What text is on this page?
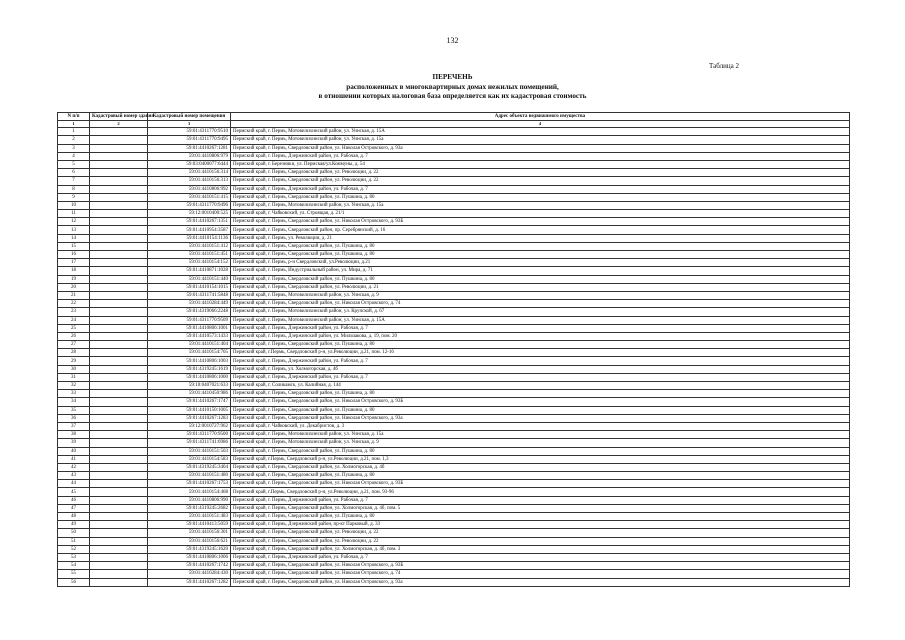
132
Таблица 2
ПЕРЕЧЕНЬ
расположенных в многоквартирных домах нежилых помещений,
в отношении которых налоговая база определяется как их кадастровая стоимость
N п/п	Кадастровый номер здания	Кадастровый номер помещения	Адрес объекта недвижимого имущества
1	2	3	4
1		59:01:4311770:9510	Пермский край, г. Пермь, Мотовилихинский район, ул. Уинская, д. 15А
2		59:01:4311770:9495	Пермский край, г. Пермь, Мотовилихинский район, ул. Уинская, д. 15а
3		59:01:4410267:1281	Пермский край, г. Пермь, Свердловский район, ул. Николая Островского, д. 93а
4		59:01:4410806:979	Пермский край, г. Пермь, Дзержинский район, ул. Рабочая, д. 7
5		59:03:0400077:6444	Пермский край, г. Березники, ул. Пермская/ул.Коммуны, д. 54
6		59:01:4410156:314	Пермский край, г. Пермь, Свердловский район, ул. Революции, д. 22
7		59:01:4410156:313	Пермский край, г. Пермь, Свердловский район, ул. Революции, д. 22
8		59:01:4410806:992	Пермский край, г. Пермь, Дзержинский район, ул. Рабочая, д. 7
9		59:01:4410151:415	Пермский край, г. Пермь, Свердловский район, ул. Пушкина, д. 80
10		59:01:4311770:9496	Пермский край, г. Пермь, Мотовилихинский район, ул. Уинская, д. 15а
11		59:12:0010400:525	Пермский край, г. Чайковский, ул. Строящая, д. 21/1
12		59:01:4410267:1351	Пермский край, г. Пермь, Свердловский район, ул. Николая Островского, д. 93Б
13		59:01:4410954:3587	Пермский край, г. Пермь, Свердловский район, пр. Серебрянский, д. 16
14		59:01:4410154:1136	Пермский край, г. Пермь, ул. Революции, д. 21
15		59:01:4410151:412	Пермский край, г. Пермь, Свердловский район, ул. Пушкина, д. 80
16		59:01:4410151:451	Пермский край, г. Пермь, Свердловский район, ул. Пушкина, д. 80
17		59:01:4410154:152	Пермский край, г. Пермь, р-н Свердловский, ул.Революции, д.21
18		59:01:4410871:1028	Пермский край, г. Пермь, Индустриальный район, ул. Мира, д. 71
19		59:01:4410151:440	Пермский край, г. Пермь, Свердловский район, ул. Пушкина, д. 80
20		59:01:4410154:1015	Пермский край, г. Пермь, Свердловский район, ул. Революции, д. 21
21		59:01:4311741:5848	Пермский край, г. Пермь, Мотовилихинский район, ул. Уинская, д. 9
22		59:01:4410284:449	Пермский край, г. Пермь, Свердловский район, ул. Николая Островского, д. 74
23		59:01:4319066:2248	Пермский край, г. Пермь, Мотовилихинский район, ул. Крупской, д. 67
24		59:01:4311770:9509	Пермский край, г. Пермь, Мотовилихинский район, ул. Уинская, д. 15А
25		59:01:4410806:1001	Пермский край, г. Пермь, Дзержинский район, ул. Рабочая, д. 7
26		59:01:4410573:1433	Пермский край, г. Пермь, Дзержинский район, ул. Мильчакова, д. 19, пом. 20
27		59:01:4410151:404	Пермский край, г. Пермь, Свердловский район, ул. Пушкина, д. 80
28		59:01:4410154:705	Пермский край, г.Пермь, Свердловский р-н, ул.Революции, д.21, пом. 12-16
29		59:01:4410806:1003	Пермский край, г. Пермь, Дзержинский район, ул. Рабочая, д. 7
30		59:01:4319245:1619	Пермский край, г. Пермь, ул. Холмогорская, д. 4б
31		59:01:4410806:1000	Пермский край, г. Пермь, Дзержинский район, ул. Рабочая, д. 7
32		59:10:0407021:633	Пермский край, г. Соликамск, ул. Калийная, д. 144
33		59:01:4410450:986	Пермский край, г. Пермь, Свердловский район, ул. Пушкина, д. 80
34		59:01:4410267:1747	Пермский край, г. Пермь, Свердловский район, ул. Николая Островского, д. 93Б
35		59:01:4410150:1005	Пермский край, г. Пермь, Свердловский район, ул. Пушкина, д. 80
36		59:01:4410267:1283	Пермский край, г. Пермь, Свердловский район, ул. Николая Островского, д. 93а
37		59:12:0010727:962	Пермский край, г. Чайковский, ул. Декабристов, д. 3
38		59:01:4311770:9500	Пермский край, г. Пермь, Мотовилихинский район, ул. Уинская, д. 15а
39		59:01:4311741:6986	Пермский край, г. Пермь, Мотовилихинский район, ул. Уинская, д. 9
40		59:01:4410151:503	Пермский край, г. Пермь, Свердловский район, ул. Пушкина, д. 80
41		59:01:4410154:583	Пермский край, г.Пермь, Свердловский р-н, ул.Революции, д.21, пом. 1,3
42		59:01:4319245:3404	Пермский край, г. Пермь, Свердловский район, ул. Холмогорская, д. 4б
43		59:01:4410151:480	Пермский край, г. Пермь, Свердловский район, ул. Пушкина, д. 80
44		59:01:4410267:1753	Пермский край, г. Пермь, Свердловский район, ул. Николая Островского, д. 93Б
45		59:01:4410154:468	Пермский край, г.Пермь, Свердловский р-н, ул.Революции, д.21, пом. 93-96
46		59:01:4410806:990	Пермский край, г. Пермь, Дзержинский район, ул. Рабочая, д. 7
47		59:01:4319245:2682	Пермский край, г. Пермь, Свердловский район, ул. Холмогорская, д. 4б, пом. 5
48		59:01:4410151:483	Пермский край, г. Пермь, Свердловский район, ул. Пушкина, д. 80
49		59:01:4410413:5059	Пермский край, г. Пермь, Дзержинский район, пр-кт Парковый, д. 33
50		59:01:4410156:301	Пермский край, г. Пермь, Свердловский район, ул. Революции, д. 22
51		59:01:4410156:621	Пермский край, г. Пермь, Свердловский район, ул. Революции, д. 22
52		59:01:4319245:1620	Пермский край, г. Пермь, Свердловский район, ул. Холмогорская, д. 4б, пом. 3
53		59:01:4410806:1006	Пермский край, г. Пермь, Дзержинский район, ул. Рабочая, д. 7
54		59:01:4410267:1742	Пермский край, г. Пермь, Свердловский район, ул. Николая Островского, д. 93Б
55		59:01:4410284:430	Пермский край, г. Пермь, Свердловский район, ул. Николая Островского, д. 74
56		59:01:4410267:1282	Пермский край, г. Пермь, Свердловский район, ул. Николая Островского, д. 93а
